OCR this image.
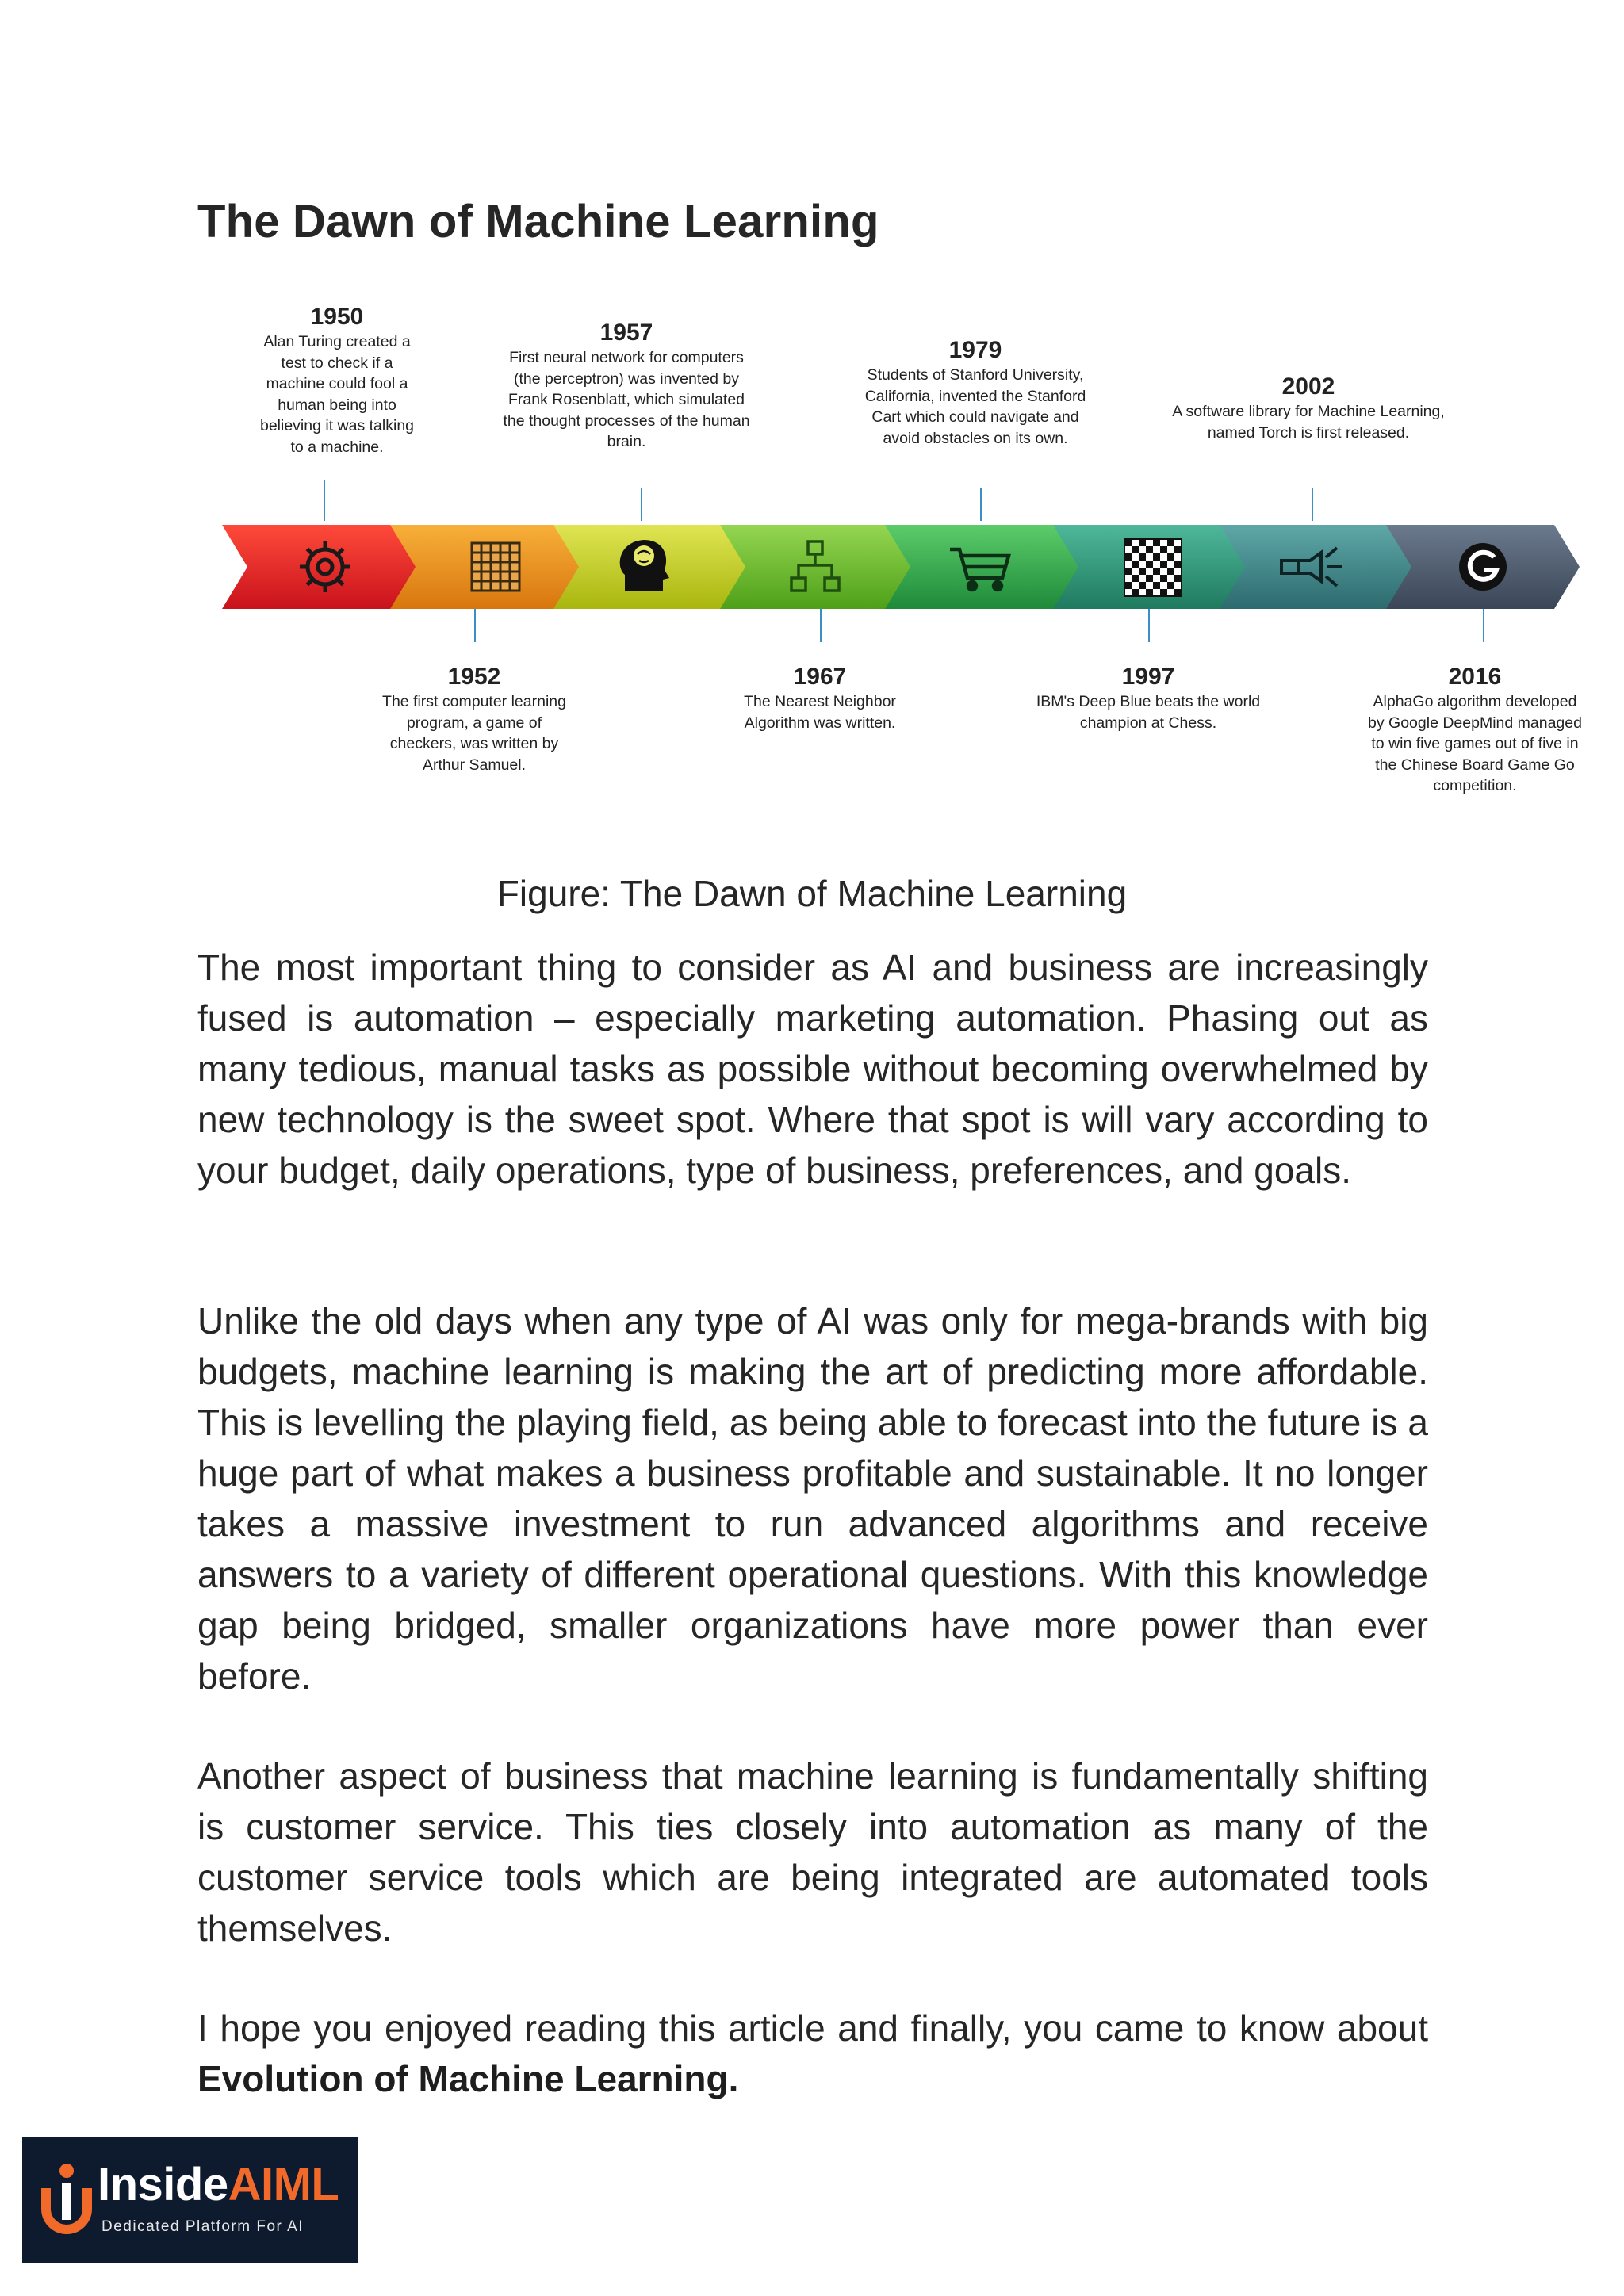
The Dawn of Machine Learning
1950
Alan Turing created a
test to check if a
machine could fool a
human being into
believing it was talking
to a machine.
1957
First neural network for computers
(the perceptron) was invented by
Frank Rosenblatt, which simulated
the thought processes of the human
brain.
1979
Students of Stanford University,
California, invented the Stanford
Cart which could navigate and
avoid obstacles on its own.
2002
A software library for Machine Learning,
named Torch is first released.
1952
The first computer learning
program, a game of
checkers, was written by
Arthur Samuel.
1967
The Nearest Neighbor
Algorithm was written.
1997
IBM's Deep Blue beats the world
champion at Chess.
2016
AlphaGo algorithm developed
by Google DeepMind managed
to win five games out of five in
the Chinese Board Game Go
competition.
Figure: The Dawn of Machine Learning

The most important thing to consider as AI and business are increasingly fused is automation – especially marketing automation. Phasing out as many tedious, manual tasks as possible without becoming overwhelmed by new technology is the sweet spot. Where that spot is will vary according to your budget, daily operations, type of business, preferences, and goals.

Unlike the old days when any type of AI was only for mega-brands with big budgets, machine learning is making the art of predicting more affordable. This is levelling the playing field, as being able to forecast into the future is a huge part of what makes a business profitable and sustainable. It no longer takes a massive investment to run advanced algorithms and receive answers to a variety of different operational questions. With this knowledge gap being bridged, smaller organizations have more power than ever before.

Another aspect of business that machine learning is fundamentally shifting is customer service. This ties closely into automation as many of the customer service tools which are being integrated are automated tools themselves.

I hope you enjoyed reading this article and finally, you came to know about Evolution of Machine Learning.

InsideAIML
Dedicated Platform For AI
